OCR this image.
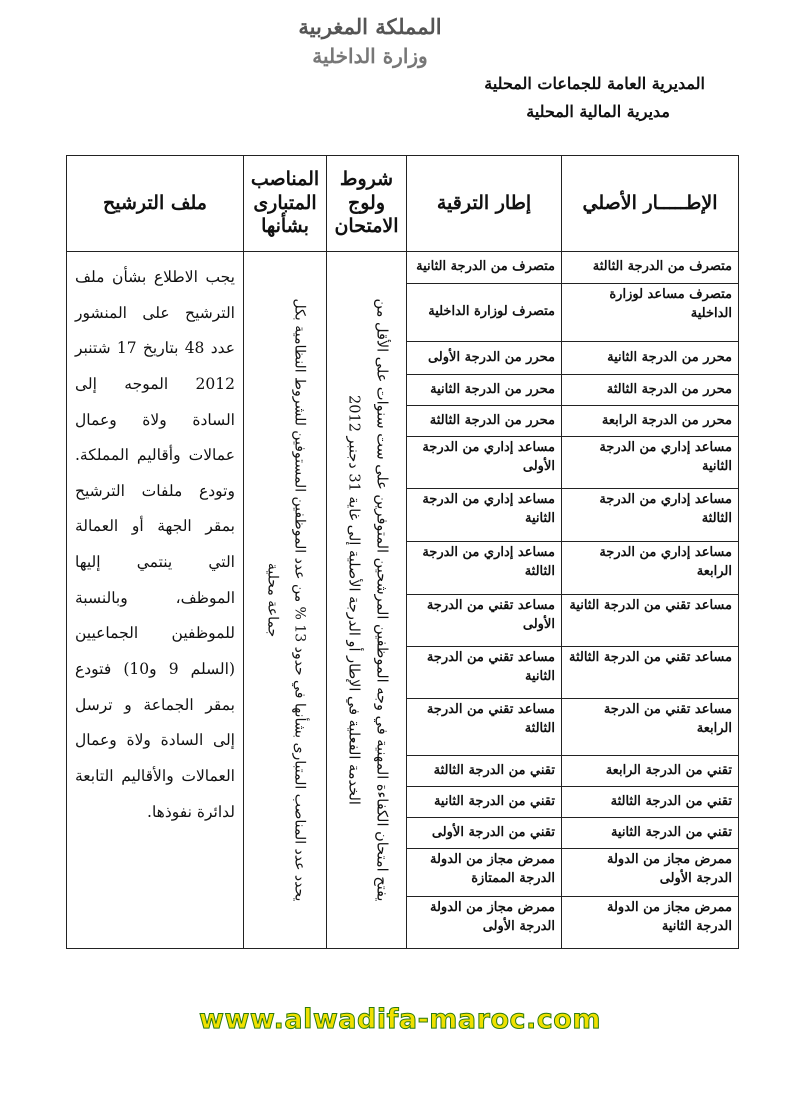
المملكة المغربية
وزارة الداخلية
المديرية العامة للجماعات المحلية
مديرية المالية المحلية
الإطـــــار الأصلي	إطار الترقية	شروط ولوج الامتحان	المناصب المتبارى بشأنها	ملف الترشيح
متصرف من الدرجة الثالثة	متصرف من الدرجة الثانية	يفتح امتحان الكفاءة المهنية في وجه الموظفين المرشحين المتوفرين على ست سنوات على الأقل من الخدمة الفعلية في الإطار أو الدرجة الأصلية إلى غاية 31 دجنبر 2012	يحدد عدد المناصب المتبارى بشأنها في حدود 13 % من عدد الموظفين المستوفين للشروط النظامية بكل جماعة محلية	يجب الاطلاع بشأن ملف الترشيح على المنشور عدد 48 بتاريخ 17 شتنبر 2012 الموجه إلى السادة ولاة وعمال عمالات وأقاليم المملكة. وتودع ملفات الترشيح بمقر الجهة أو العمالة التي ينتمي إليها الموظف، وبالنسبة للموظفين الجماعيين (السلم 9 و10) فتودع بمقر الجماعة و ترسل إلى السادة ولاة وعمال العمالات والأقاليم التابعة لدائرة نفوذها.
متصرف مساعد لوزارة الداخلية	متصرف لوزارة الداخلية			
محرر من الدرجة الثانية	محرر من الدرجة الأولى			
محرر من الدرجة الثالثة	محرر من الدرجة الثانية			
محرر من الدرجة الرابعة	محرر من الدرجة الثالثة			
مساعد إداري من الدرجة الثانية	مساعد إداري من الدرجة الأولى			
مساعد إداري من الدرجة الثالثة	مساعد إداري من الدرجة الثانية			
مساعد إداري من الدرجة الرابعة	مساعد إداري من الدرجة الثالثة			
مساعد تقني من الدرجة الثانية	مساعد تقني من الدرجة الأولى			
مساعد تقني من الدرجة الثالثة	مساعد تقني من الدرجة الثانية			
مساعد تقني من الدرجة الرابعة	مساعد تقني من الدرجة الثالثة			
تقني من الدرجة الرابعة	تقني من الدرجة الثالثة			
تقني من الدرجة الثالثة	تقني من الدرجة الثانية			
تقني من الدرجة الثانية	تقني من الدرجة الأولى			
ممرض مجاز من الدولة الدرجة الأولى	ممرض مجاز من الدولة الدرجة الممتازة			
ممرض مجاز من الدولة الدرجة الثانية	ممرض مجاز من الدولة الدرجة الأولى			
www.alwadifa-maroc.com
